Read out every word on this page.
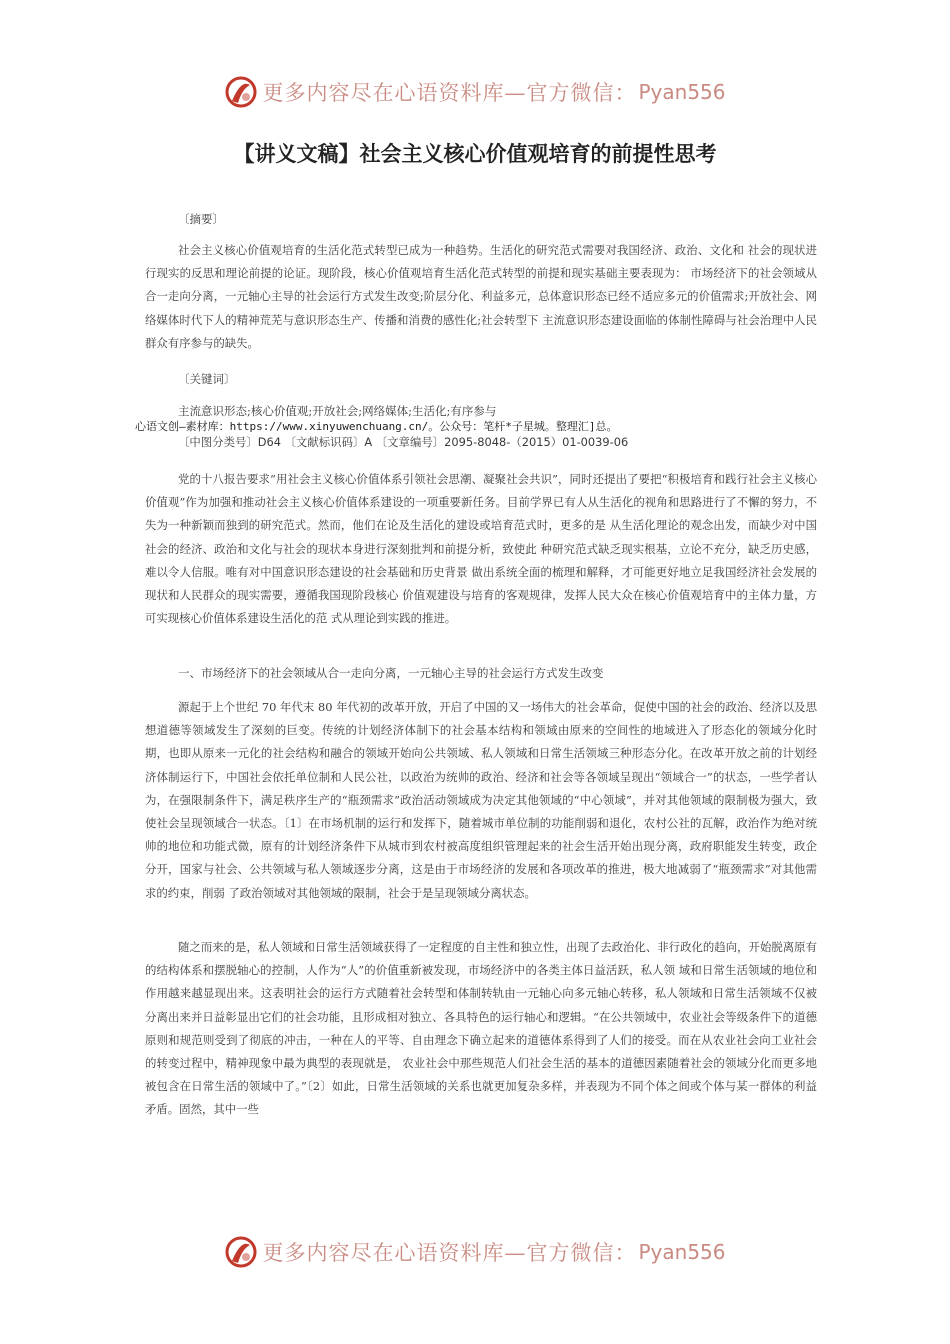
更多内容尽在心语资料库—官方微信： Pyan556
【讲义文稿】社会主义核心价值观培育的前提性思考
〔摘要〕
社会主义核心价值观培育的生活化范式转型已成为一种趋势。生活化的研究范式需要对我国经济、政治、文化和 社会的现状进行现实的反思和理论前提的论证。现阶段，核心价值观培育生活化范式转型的前提和现实基础主要表现为： 市场经济下的社会领域从合一走向分离，一元轴心主导的社会运行方式发生改变;阶层分化、利益多元，总体意识形态已经不适应多元的价值需求;开放社会、网络媒体时代下人的精神荒芜与意识形态生产、传播和消费的感性化;社会转型下 主流意识形态建设面临的体制性障碍与社会治理中人民群众有序参与的缺失。
〔关键词〕
主流意识形态;核心价值观;开放社会;网络媒体;生活化;有序参与
心语文创—素材库：https://www.xinyuwenchuang.cn/。公众号：笔杆*子星城。整理汇]总。
〔中图分类号〕D64 〔文献标识码〕A 〔文章编号〕2095-8048-（2015）01-0039-06
党的十八报告要求“用社会主义核心价值体系引领社会思潮、凝聚社会共识”，同时还提出了要把“积极培育和践行社会主义核心价值观”作为加强和推动社会主义核心价值体系建设的一项重要新任务。目前学界已有人从生活化的视角和思路进行了不懈的努力，不失为一种新颖而独到的研究范式。然而，他们在论及生活化的建设或培育范式时，更多的是 从生活化理论的观念出发，而缺少对中国社会的经济、政治和文化与社会的现状本身进行深刻批判和前提分析，致使此 种研究范式缺乏现实根基，立论不充分，缺乏历史感，难以令人信服。唯有对中国意识形态建设的社会基础和历史背景 做出系统全面的梳理和解释，才可能更好地立足我国经济社会发展的现状和人民群众的现实需要，遵循我国现阶段核心 价值观建设与培育的客观规律，发挥人民大众在核心价值观培育中的主体力量，方可实现核心价值体系建设生活化的范 式从理论到实践的推进。
一、市场经济下的社会领域从合一走向分离，一元轴心主导的社会运行方式发生改变
源起于上个世纪 70 年代末 80 年代初的改革开放，开启了中国的又一场伟大的社会革命，促使中国的社会的政治、经济以及思想道德等领域发生了深刻的巨变。传统的计划经济体制下的社会基本结构和领域由原来的空间性的地域进入了形态化的领域分化时期，也即从原来一元化的社会结构和融合的领域开始向公共领域、私人领域和日常生活领域三种形态分化。在改革开放之前的计划经济体制运行下，中国社会依托单位制和人民公社，以政治为统帅的政治、经济和社会等各领域呈现出“领域合一”的状态，一些学者认为，在强限制条件下，满足秩序生产的“瓶颈需求”政治活动领域成为决定其他领域的“中心领域”，并对其他领域的限制极为强大，致使社会呈现领域合一状态。〔1〕在市场机制的运行和发挥下，随着城市单位制的功能削弱和退化，农村公社的瓦解，政治作为绝对统帅的地位和功能式微，原有的计划经济条件下从城市到农村被高度组织管理起来的社会生活开始出现分离，政府职能发生转变，政企分开，国家与社会、公共领域与私人领域逐步分离，这是由于市场经济的发展和各项改革的推进，极大地减弱了“瓶颈需求”对其他需求的约束，削弱 了政治领域对其他领域的限制，社会于是呈现领域分离状态。
随之而来的是，私人领域和日常生活领域获得了一定程度的自主性和独立性，出现了去政治化、非行政化的趋向，开始脱离原有的结构体系和摆脱轴心的控制，人作为“人”的价值重新被发现，市场经济中的各类主体日益活跃，私人领 域和日常生活领域的地位和作用越来越显现出来。这表明社会的运行方式随着社会转型和体制转轨由一元轴心向多元轴心转移，私人领域和日常生活领域不仅被分离出来并日益彰显出它们的社会功能，且形成相对独立、各具特色的运行轴心和逻辑。“在公共领域中，农业社会等级条件下的道德原则和规范则受到了彻底的冲击，一种在人的平等、自由理念下确立起来的道德体系得到了人们的接受。而在从农业社会向工业社会的转变过程中，精神现象中最为典型的表现就是， 农业社会中那些规范人们社会生活的基本的道德因素随着社会的领域分化而更多地被包含在日常生活的领域中了。”〔2〕如此，日常生活领域的关系也就更加复杂多样，并表现为不同个体之间或个体与某一群体的利益矛盾。固然，其中一些
更多内容尽在心语资料库—官方微信： Pyan556
